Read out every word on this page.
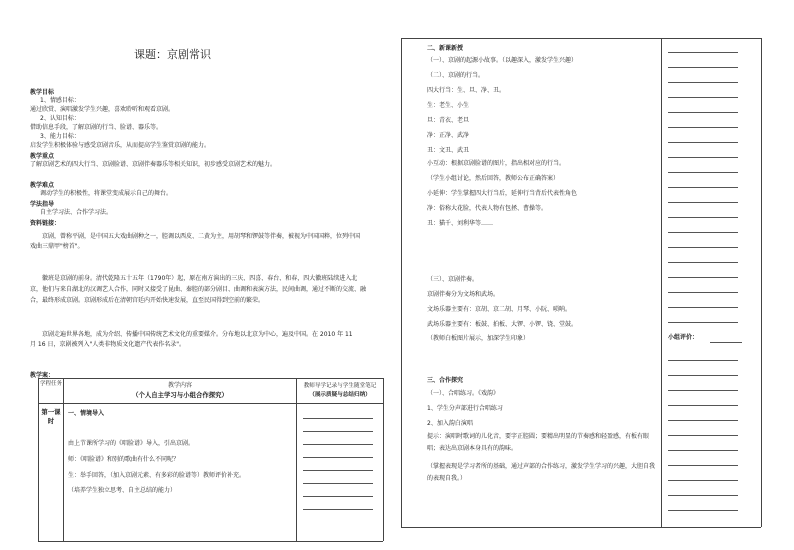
课题：京剧常识
教学目标
1、情感目标：
通过欣赏、演唱激发学生兴趣，喜欢聆听和观看京剧。
2、认知目标：
借助信息手段，了解京剧的行当、脸谱、器乐等。
3、能力目标：
启发学生积极体验与感受京剧音乐，从而提高学生鉴赏京剧的能力。
教学重点
了解京剧艺术的四大行当、京剧脸谱、京剧伴奏器乐等相关知识，初步感受京剧艺术的魅力。
教学难点
调动学生的积极性，将课堂变成展示自己的舞台。
学法指导
自主学习法、合作学习法。
资料链接：
京剧，曾称平剧，是中国五大戏曲剧种之一，腔调以西皮、二黄为主，用胡琴和锣鼓等伴奏，被视为中国国粹，位列中国戏曲三鼎甲"榜首"。
徽班是京剧的前身。清代乾隆五十五年（1790年）起，原在南方演出的三庆、四喜、春台、和春，四大徽班陆续进入北京，他们与来自湖北的汉调艺人合作，同时又接受了昆曲、秦腔的部分剧目、曲调和表演方法，民间曲调，通过不断的交流、融合，最终形成京剧。京剧形成后在清朝宫廷内开始快速发展，直至民国得到空前的繁荣。
京剧走遍世界各地，成为介绍、传播中国传统艺术文化的重要媒介。分布地以北京为中心，遍及中国。在 2010 年 11 月 16 日，京剧被列入"人类非物质文化遗产代表作名录"。
教学案：
学程任务	教学内容
（个人自主学习与小组合作探究）
教师导学记录与学生随堂笔记
（展示质疑与总结归纳）
第一课时
一、情境导入
由上节课所学习的《唱脸谱》导入，引出京剧。
师：《唱脸谱》和别的歌曲有什么不同呢？
生：举手回答，（加入京剧元素、有多彩的脸谱等）教师评价补充。
（培养学生独立思考、自主总结的能力）
二、新课新授
（一）、京剧的起源小故事。（以趣深入，激发学生兴趣）
（二）、京剧的行当。
四大行当：生、旦、净、丑。
生：老生、小生
旦：青衣、老旦
净：正净、武净
丑：文丑、武丑
小互动：根据京剧脸谱的图片，指出相对应的行当。
（学生小组讨论，然后回答，教师公布正确答案）
小延伸：学生掌握四大行当后，延伸行当背后代表性角色
净：俗称大花脸，代表人物有包拯、曹操等。
丑：猫千、刘利华等……
（三）、京剧伴奏。
京剧伴奏分为文场和武场。
文场乐器主要有：京胡、京二胡、月琴、小阮、唢呐。
武场乐器主要有：板鼓、拍板、大锣、小锣、铙、堂鼓。
（教师白板图片展示，加深学生印象）
三、合作探究
（一）、合唱练习。《戏韵》
1、学生分声部进行合唱练习
2、加入韵白演唱
提示：演唱时歌词的儿化音，要字正腔圆；要精出明显的节奏感和轻盈感，有板有眼唱；表达出京剧本身具有的韵味。
（掌握表现是学习者所的基础，通过声部的合作练习，激发学生学习的兴趣，大胆自我的表现自我。）
小组评价：
